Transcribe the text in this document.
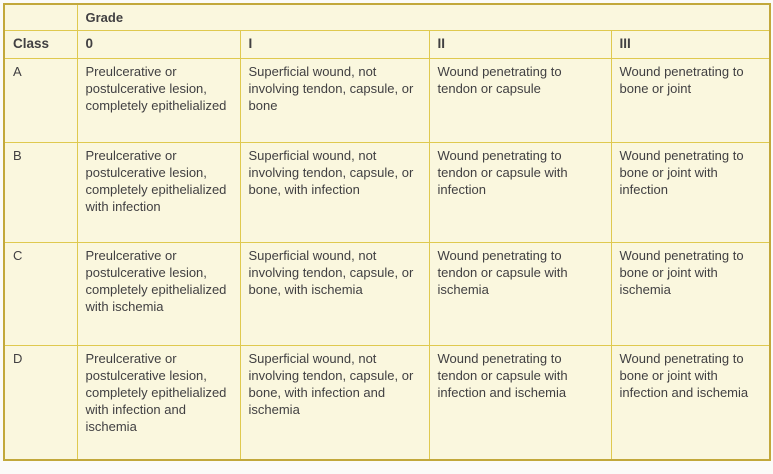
	Grade			
Class	0	I	II	III
A	Preulcerative or postulcerative lesion, completely epithelialized	Superficial wound, not involving tendon, capsule, or bone	Wound penetrating to tendon or capsule	Wound penetrating to bone or joint
B	Preulcerative or postulcerative lesion, completely epithelialized with infection	Superficial wound, not involving tendon, capsule, or bone, with infection	Wound penetrating to tendon or capsule with infection	Wound penetrating to bone or joint with infection
C	Preulcerative or postulcerative lesion, completely epithelialized with ischemia	Superficial wound, not involving tendon, capsule, or bone, with ischemia	Wound penetrating to tendon or capsule with ischemia	Wound penetrating to bone or joint with ischemia
D	Preulcerative or postulcerative lesion, completely epithelialized with infection and ischemia	Superficial wound, not involving tendon, capsule, or bone, with infection and ischemia	Wound penetrating to tendon or capsule with infection and ischemia	Wound penetrating to bone or joint with infection and ischemia
